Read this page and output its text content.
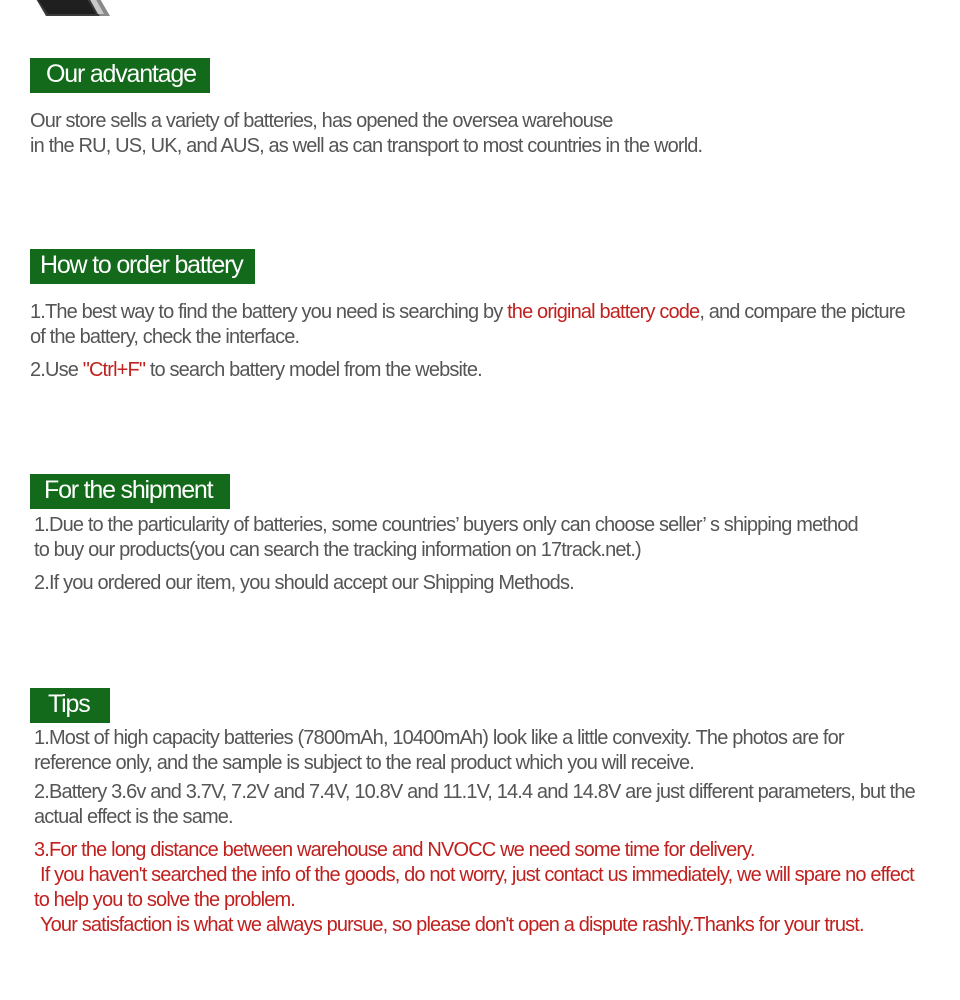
Our advantage

Our store sells a variety of batteries, has opened the oversea warehouse

in the RU, US, UK, and AUS, as well as can transport to most countries in the world.

How to order battery

1.The best way to find the battery you need is searching by the original battery code, and compare the picture of the battery, check the interface.

2.Use "Ctrl+F" to search battery model from the website.

For the shipment

1.Due to the particularity of batteries, some countries’ buyers only can choose seller’ s shipping method

to buy our products(you can search the tracking information on 17track.net.)

2.If you ordered our item, you should accept our Shipping Methods.

Tips

1.Most of high capacity batteries (7800mAh, 10400mAh) look like a little convexity. The photos are for reference only, and the sample is subject to the real product which you will receive.

2.Battery 3.6v and 3.7V, 7.2V and 7.4V, 10.8V and 11.1V, 14.4 and 14.8V are just different parameters, but the actual effect is the same.

3.For the long distance between warehouse and NVOCC we need some time for delivery.

If you haven't searched the info of the goods, do not worry, just contact us immediately, we will spare no effect to help you to solve the problem.

Your satisfaction is what we always pursue, so please don't open a dispute rashly.Thanks for your trust.
